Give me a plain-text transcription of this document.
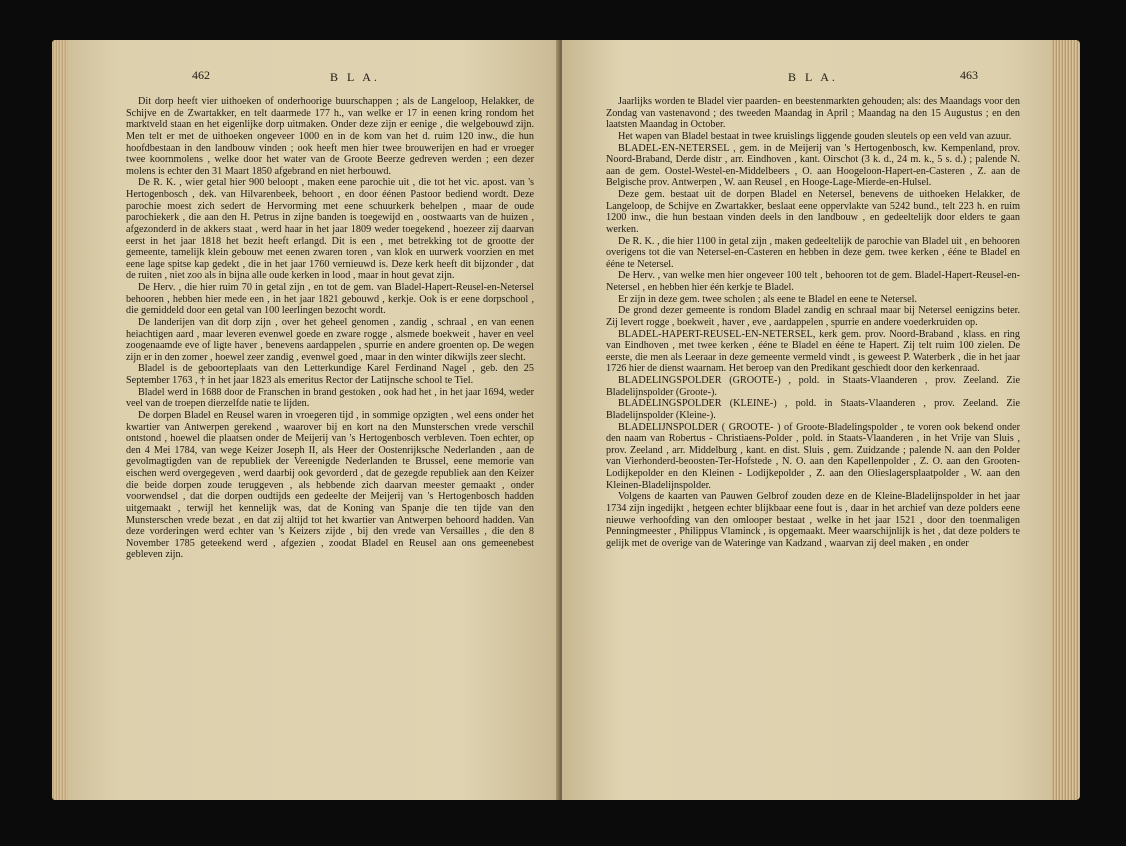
462	B L A.

Dit dorp heeft vier uithoeken of onderhoorige buurschappen ; als de Langeloop, Helakker, de Schijve en de Zwartakker, en telt daarmede 177 h., van welke er 17 in eenen kring rondom het marktveld staan en het eigenlijke dorp uitmaken. Onder deze zijn er eenige , die welgebouwd zijn. Men telt er met de uithoeken ongeveer 1000 en in de kom van het d. ruim 120 inw., die hun hoofdbestaan in den landbouw vinden ; ook heeft men hier twee brouwerijen en had er vroeger twee koornmolens , welke door het water van de Groote Beerze gedreven werden ; een dezer molens is echter den 31 Maart 1850 afgebrand en niet herbouwd.

De R. K. , wier getal hier 900 beloopt , maken eene parochie uit , die tot het vic. apost. van 's Hertogenbosch , dek. van Hilvarenbeek, behoort , en door éénen Pastoor bediend wordt. Deze parochie moest zich sedert de Hervorming met eene schuurkerk behelpen , maar de oude parochiekerk , die aan den H. Petrus in zijne banden is toegewijd en , oostwaarts van de huizen , afgezonderd in de akkers staat , werd haar in het jaar 1809 weder toegekend , hoezeer zij daarvan eerst in het jaar 1818 het bezit heeft erlangd. Dit is een , met betrekking tot de grootte der gemeente, tamelijk klein gebouw met eenen zwaren toren , van klok en uurwerk voorzien en met eene lage spitse kap gedekt , die in het jaar 1760 vernieuwd is. Deze kerk heeft dit bijzonder , dat de ruiten , niet zoo als in bijna alle oude kerken in lood , maar in hout gevat zijn.

De Herv. , die hier ruim 70 in getal zijn , en tot de gem. van Bladel-Hapert-Reusel-en-Netersel behooren , hebben hier mede een , in het jaar 1821 gebouwd , kerkje. Ook is er eene dorpschool , die gemiddeld door een getal van 100 leerlingen bezocht wordt.

De landerijen van dit dorp zijn , over het geheel genomen , zandig , schraal , en van eenen heiachtigen aard , maar leveren evenwel goede en zware rogge , alsmede boekweit , haver en veel zoogenaamde eve of ligte haver , benevens aardappelen , spurrie en andere groenten op. De wegen zijn er in den zomer , hoewel zeer zandig , evenwel goed , maar in den winter dikwijls zeer slecht.

Bladel is de geboorteplaats van den Letterkundige Karel Ferdinand Nagel , geb. den 25 September 1763 , † in het jaar 1823 als emeritus Rector der Latijnsche school te Tiel.

Bladel werd in 1688 door de Franschen in brand gestoken , ook had het , in het jaar 1694, weder veel van de troepen dierzelfde natie te lijden.

De dorpen Bladel en Reusel waren in vroegeren tijd , in sommige opzigten , wel eens onder het kwartier van Antwerpen gerekend , waarover bij en kort na den Munsterschen vrede verschil ontstond , hoewel die plaatsen onder de Meijerij van 's Hertogenbosch verbleven. Toen echter, op den 4 Mei 1784, van wege Keizer Joseph II, als Heer der Oostenrijksche Nederlanden , aan de gevolmagtigden van de republiek der Vereenigde Nederlanden te Brussel, eene memorie van eischen werd overgegeven , werd daarbij ook gevorderd , dat de gezegde republiek aan den Keizer die beide dorpen zoude teruggeven , als hebbende zich daarvan meester gemaakt , onder voorwendsel , dat die dorpen oudtijds een gedeelte der Meijerij van 's Hertogenbosch hadden uitgemaakt , terwijl het kennelijk was, dat de Koning van Spanje die ten tijde van den Munsterschen vrede bezat , en dat zij altijd tot het kwartier van Antwerpen behoord hadden. Van deze vorderingen werd echter van 's Keizers zijde , bij den vrede van Versailles , die den 8 November 1785 geteekend werd , afgezien , zoodat Bladel en Reusel aan ons gemeenebest gebleven zijn.

B L A.	463

Jaarlijks worden te Bladel vier paarden- en beestenmarkten gehouden; als: des Maandags voor den Zondag van vastenavond ; des tweeden Maandag in April ; Maandag na den 15 Augustus ; en den laatsten Maandag in October.

Het wapen van Bladel bestaat in twee kruislings liggende gouden sleutels op een veld van azuur.

BLADEL-EN-NETERSEL , gem. in de Meijerij van 's Hertogenbosch, kw. Kempenland, prov. Noord-Braband, Derde distr , arr. Eindhoven , kant. Oirschot (3 k. d., 24 m. k., 5 s. d.) ; palende N. aan de gem. Oostel-Westel-en-Middelbeers , O. aan Hoogeloon-Hapert-en-Casteren , Z. aan de Belgische prov. Antwerpen , W. aan Reusel , en Hooge-Lage-Mierde-en-Hulsel.

Deze gem. bestaat uit de dorpen Bladel en Netersel, benevens de uithoeken Helakker, de Langeloop, de Schijve en Zwartakker, beslaat eene oppervlakte van 5242 bund., telt 223 h. en ruim 1200 inw., die hun bestaan vinden deels in den landbouw , en gedeeltelijk door elders te gaan werken.

De R. K. , die hier 1100 in getal zijn , maken gedeeltelijk de parochie van Bladel uit , en behooren overigens tot die van Netersel-en-Casteren en hebben in deze gem. twee kerken , ééne te Bladel en ééne te Netersel.

De Herv. , van welke men hier ongeveer 100 telt , behooren tot de gem. Bladel-Hapert-Reusel-en-Netersel , en hebben hier één kerkje te Bladel.

Er zijn in deze gem. twee scholen ; als eene te Bladel en eene te Netersel.

De grond dezer gemeente is rondom Bladel zandig en schraal maar bij Netersel eenigzins beter. Zij levert rogge , boekweit , haver , eve , aardappelen , spurrie en andere voederkruiden op.

BLADEL-HAPERT-REUSEL-EN-NETERSEL, kerk gem. prov. Noord-Braband , klass. en ring van Eindhoven , met twee kerken , ééne te Bladel en ééne te Hapert. Zij telt ruim 100 zielen. De eerste, die men als Leeraar in deze gemeente vermeld vindt , is geweest P. Waterberk , die in het jaar 1726 hier de dienst waarnam. Het beroep van den Predikant geschiedt door den kerkenraad.

BLADELINGSPOLDER (GROOTE-) , pold. in Staats-Vlaanderen , prov. Zeeland. Zie Bladelijnspolder (Groote-).

BLADELINGSPOLDER (KLEINE-) , pold. in Staats-Vlaanderen , prov. Zeeland. Zie Bladelijnspolder (Kleine-).

BLADELIJNSPOLDER ( GROOTE- ) of Groote-Bladelingspolder , te voren ook bekend onder den naam van Robertus - Christiaens-Polder , pold. in Staats-Vlaanderen , in het Vrije van Sluis , prov. Zeeland , arr. Middelburg , kant. en dist. Sluis , gem. Zuidzande ; palende N. aan den Polder van Vierhonderd-beoosten-Ter-Hofstede , N. O. aan den Kapellenpolder , Z. O. aan den Grooten-Lodijkepolder en den Kleinen - Lodijkepolder , Z. aan den Olieslagersplaatpolder , W. aan den Kleinen-Bladelijnspolder.

Volgens de kaarten van Pauwen Gelbrof zouden deze en de Kleine-Bladelijnspolder in het jaar 1734 zijn ingedijkt , hetgeen echter blijkbaar eene fout is , daar in het archief van deze polders eene nieuwe verhoofding van den omlooper bestaat , welke in het jaar 1521 , door den toenmaligen Penningmeester , Philippus Vlaminck , is opgemaakt. Meer waarschijnlijk is het , dat deze polders te gelijk met de overige van de Wateringe van Kadzand , waarvan zij deel maken , en onder
